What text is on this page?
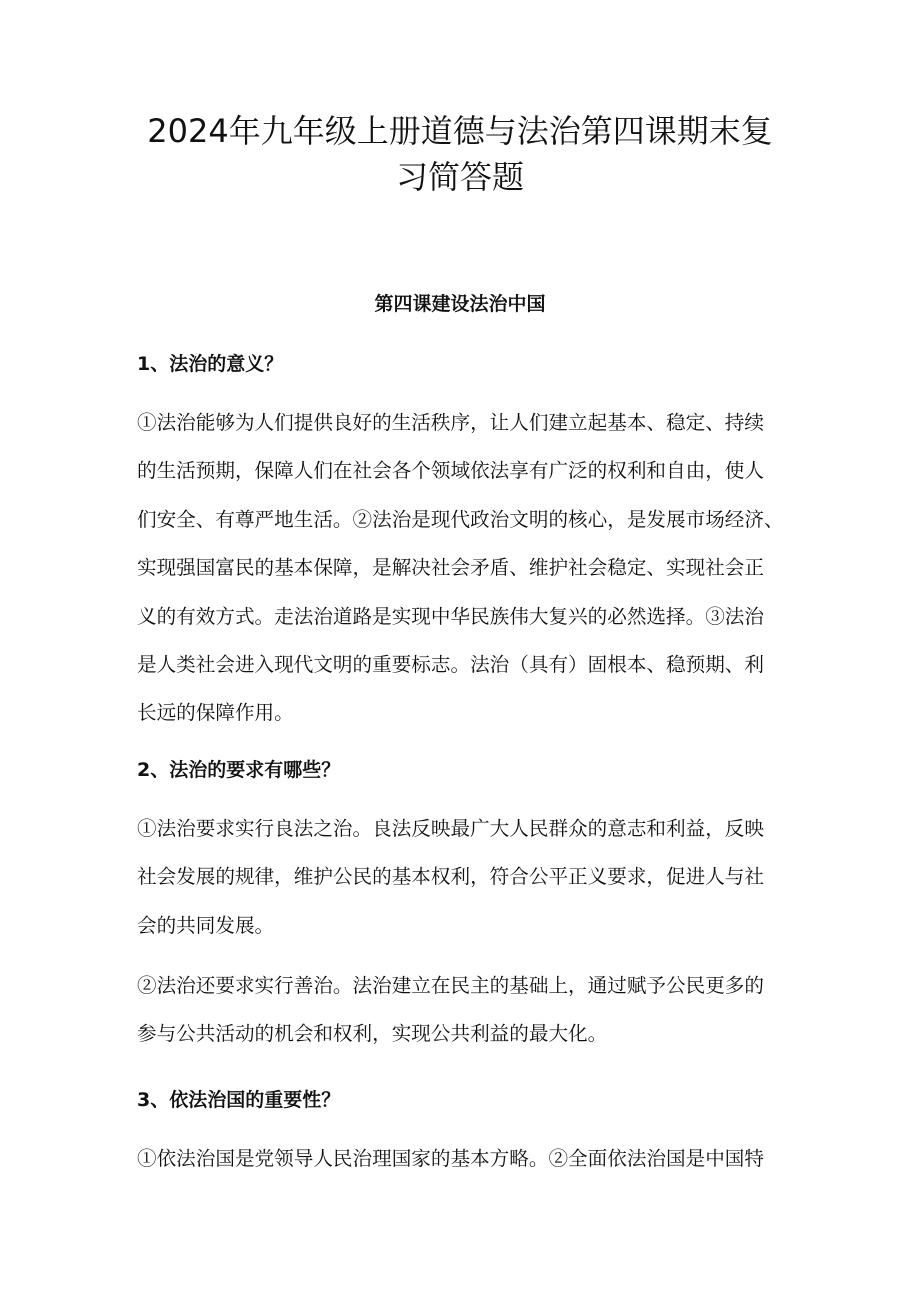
2024年九年级上册道德与法治第四课期末复
习简答题
第四课建设法治中国
1、法治的意义？
①法治能够为人们提供良好的生活秩序，让人们建立起基本、稳定、持续
的生活预期，保障人们在社会各个领域依法享有广泛的权利和自由，使人
们安全、有尊严地生活。②法治是现代政治文明的核心，是发展市场经济、
实现强国富民的基本保障，是解决社会矛盾、维护社会稳定、实现社会正
义的有效方式。走法治道路是实现中华民族伟大复兴的必然选择。③法治
是人类社会进入现代文明的重要标志。法治（具有）固根本、稳预期、利
长远的保障作用。
2、法治的要求有哪些？
①法治要求实行良法之治。良法反映最广大人民群众的意志和利益，反映
社会发展的规律，维护公民的基本权利，符合公平正义要求，促进人与社
会的共同发展。
②法治还要求实行善治。法治建立在民主的基础上，通过赋予公民更多的
参与公共活动的机会和权利，实现公共利益的最大化。
3、依法治国的重要性？
①依法治国是党领导人民治理国家的基本方略。②全面依法治国是中国特
